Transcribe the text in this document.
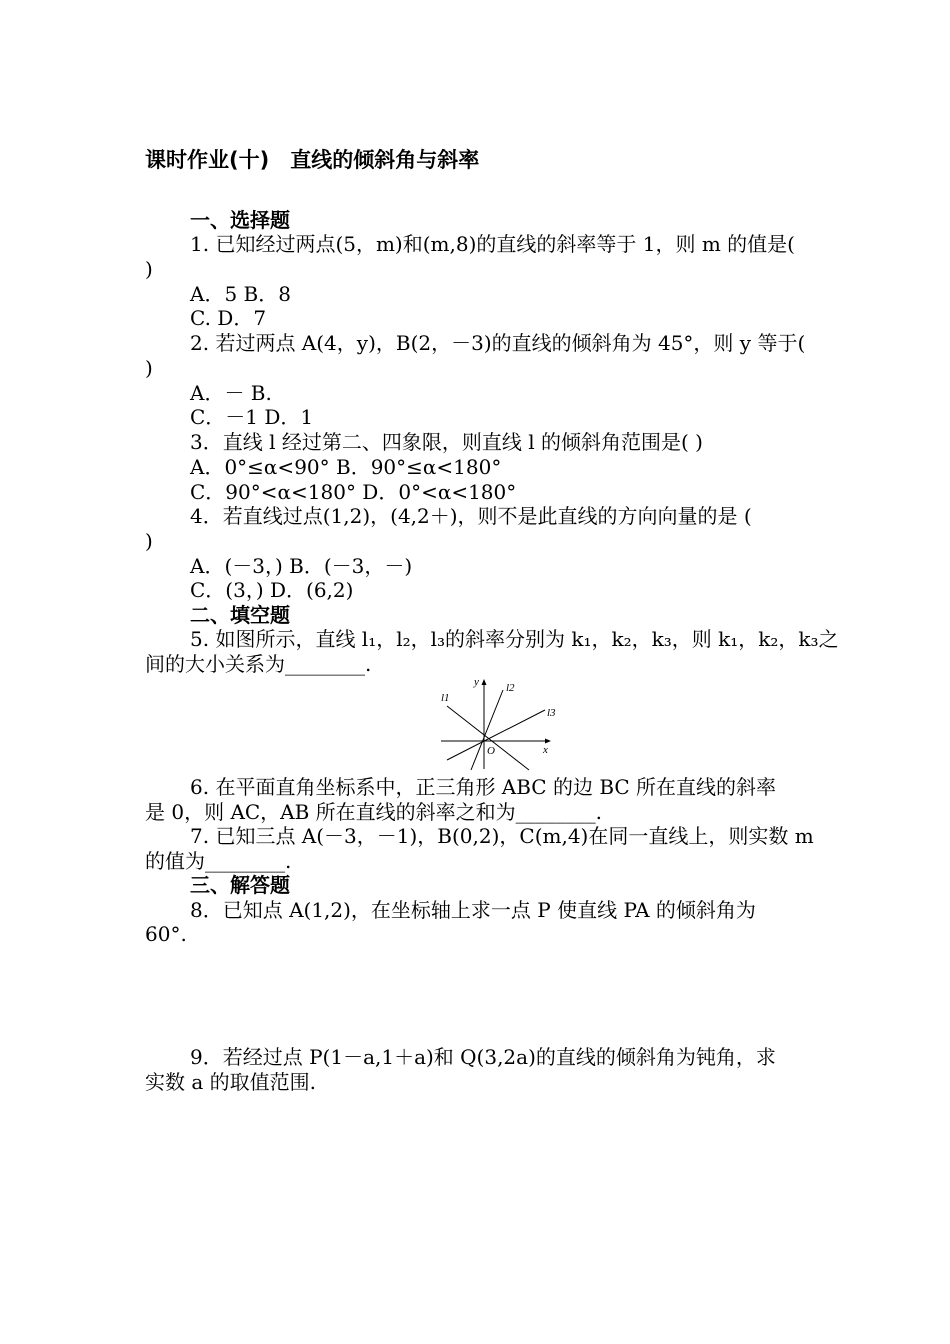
课时作业(十)　直线的倾斜角与斜率
一、选择题
1. 已知经过两点(5，m)和(m,8)的直线的斜率等于 1，则 m 的值是(
)
A．5 B．8
C. D．7
2. 若过两点 A(4，y)，B(2，－3)的直线的倾斜角为 45°，则 y 等于(
)
A．－ B.
C．－1 D．1
3．直线 l 经过第二、四象限，则直线 l 的倾斜角范围是( )
A．0°≤α<90° B．90°≤α<180°
C．90°<α<180° D．0°<α<180°
4．若直线过点(1,2)，(4,2＋)，则不是此直线的方向向量的是 (
)
A．(－3，) B．(－3，－)
C．(3，) D．(6,2)
二、填空题
5. 如图所示，直线 l₁，l₂，l₃的斜率分别为 k₁，k₂，k₃，则 k₁，k₂，k₃之
间的大小关系为________.
y
x
O
l1
l2
l3
6. 在平面直角坐标系中，正三角形 ABC 的边 BC 所在直线的斜率
是 0，则 AC，AB 所在直线的斜率之和为________.
7. 已知三点 A(－3，－1)，B(0,2)，C(m,4)在同一直线上，则实数 m
的值为________.
三、解答题
8．已知点 A(1,2)，在坐标轴上求一点 P 使直线 PA 的倾斜角为
60°.
9．若经过点 P(1－a,1＋a)和 Q(3,2a)的直线的倾斜角为钝角，求
实数 a 的取值范围.
